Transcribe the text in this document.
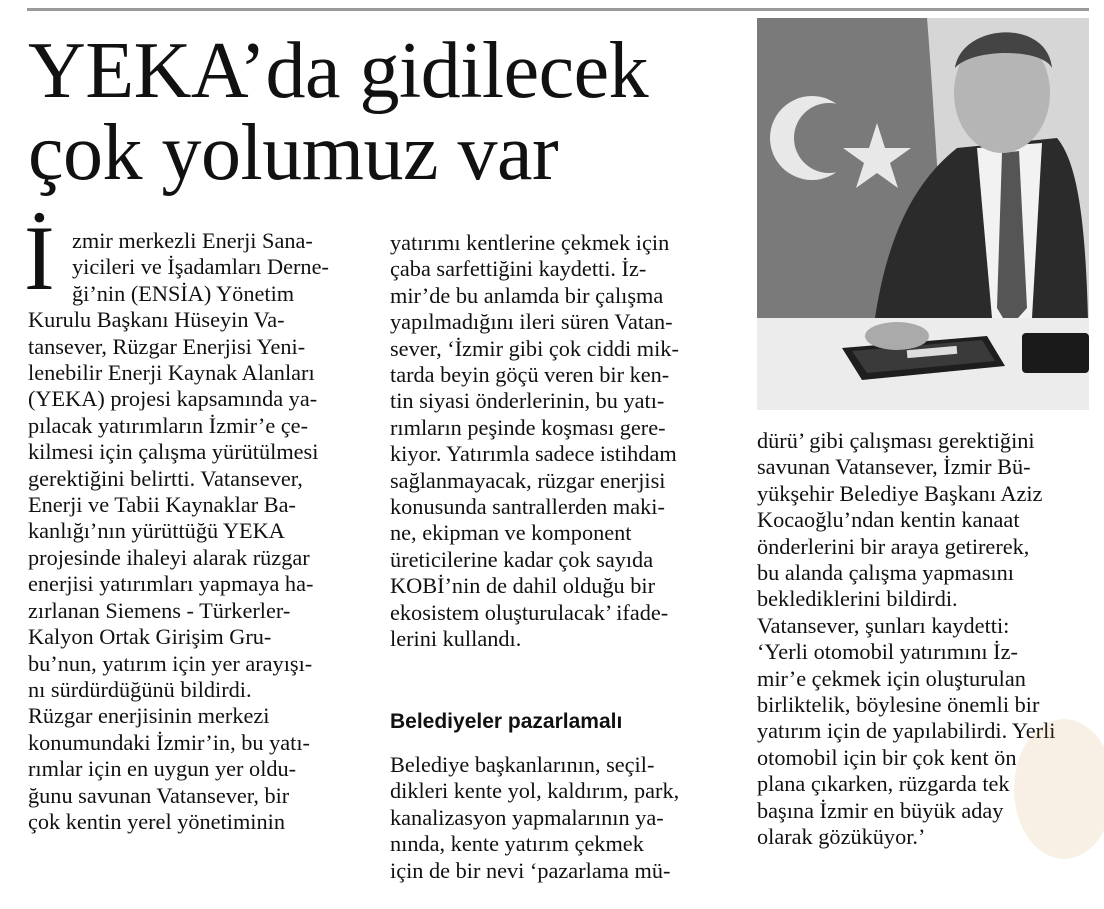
YEKA’da gidilecek
çok yolumuz var
İ zmir merkezli Enerji Sana-

yicileri ve İşadamları Derne-

ği’nin (ENSİA) Yönetim

Kurulu Başkanı Hüseyin Va-

tansever, Rüzgar Enerjisi Yeni-

lenebilir Enerji Kaynak Alanları

(YEKA) projesi kapsamında ya-

pılacak yatırımların İzmir’e çe-

kilmesi için çalışma yürütülmesi

gerektiğini belirtti. Vatansever,

Enerji ve Tabii Kaynaklar Ba-

kanlığı’nın yürüttüğü YEKA

projesinde ihaleyi alarak rüzgar

enerjisi yatırımları yapmaya ha-

zırlanan Siemens - Türkerler-

Kalyon Ortak Girişim Gru-

bu’nun, yatırım için yer arayışı-

nı sürdürdüğünü bildirdi.

Rüzgar enerjisinin merkezi

konumundaki İzmir’in, bu yatı-

rımlar için en uygun yer oldu-

ğunu savunan Vatansever, bir

çok kentin yerel yönetiminin

yatırımı kentlerine çekmek için

çaba sarfettiğini kaydetti. İz-

mir’de bu anlamda bir çalışma

yapılmadığını ileri süren Vatan-

sever, ‘İzmir gibi çok ciddi mik-

tarda beyin göçü veren bir ken-

tin siyasi önderlerinin, bu yatı-

rımların peşinde koşması gere-

kiyor. Yatırımla sadece istihdam

sağlanmayacak, rüzgar enerjisi

konusunda santrallerden maki-

ne, ekipman ve komponent

üreticilerine kadar çok sayıda

KOBİ’nin de dahil olduğu bir

ekosistem oluşturulacak’ ifade-

lerini kullandı.

Belediyeler pazarlamalı

Belediye başkanlarının, seçil-

dikleri kente yol, kaldırım, park,

kanalizasyon yapmalarının ya-

nında, kente yatırım çekmek

için de bir nevi ‘pazarlama mü-

dürü’ gibi çalışması gerektiğini

savunan Vatansever, İzmir Bü-

yükşehir Belediye Başkanı Aziz

Kocaoğlu’ndan kentin kanaat

önderlerini bir araya getirerek,

bu alanda çalışma yapmasını

beklediklerini bildirdi.

Vatansever, şunları kaydetti:

‘Yerli otomobil yatırımını İz-

mir’e çekmek için oluşturulan

birliktelik, böylesine önemli bir

yatırım için de yapılabilirdi. Yerli

otomobil için bir çok kent ön

plana çıkarken, rüzgarda tek

başına İzmir en büyük aday

olarak gözüküyor.’
